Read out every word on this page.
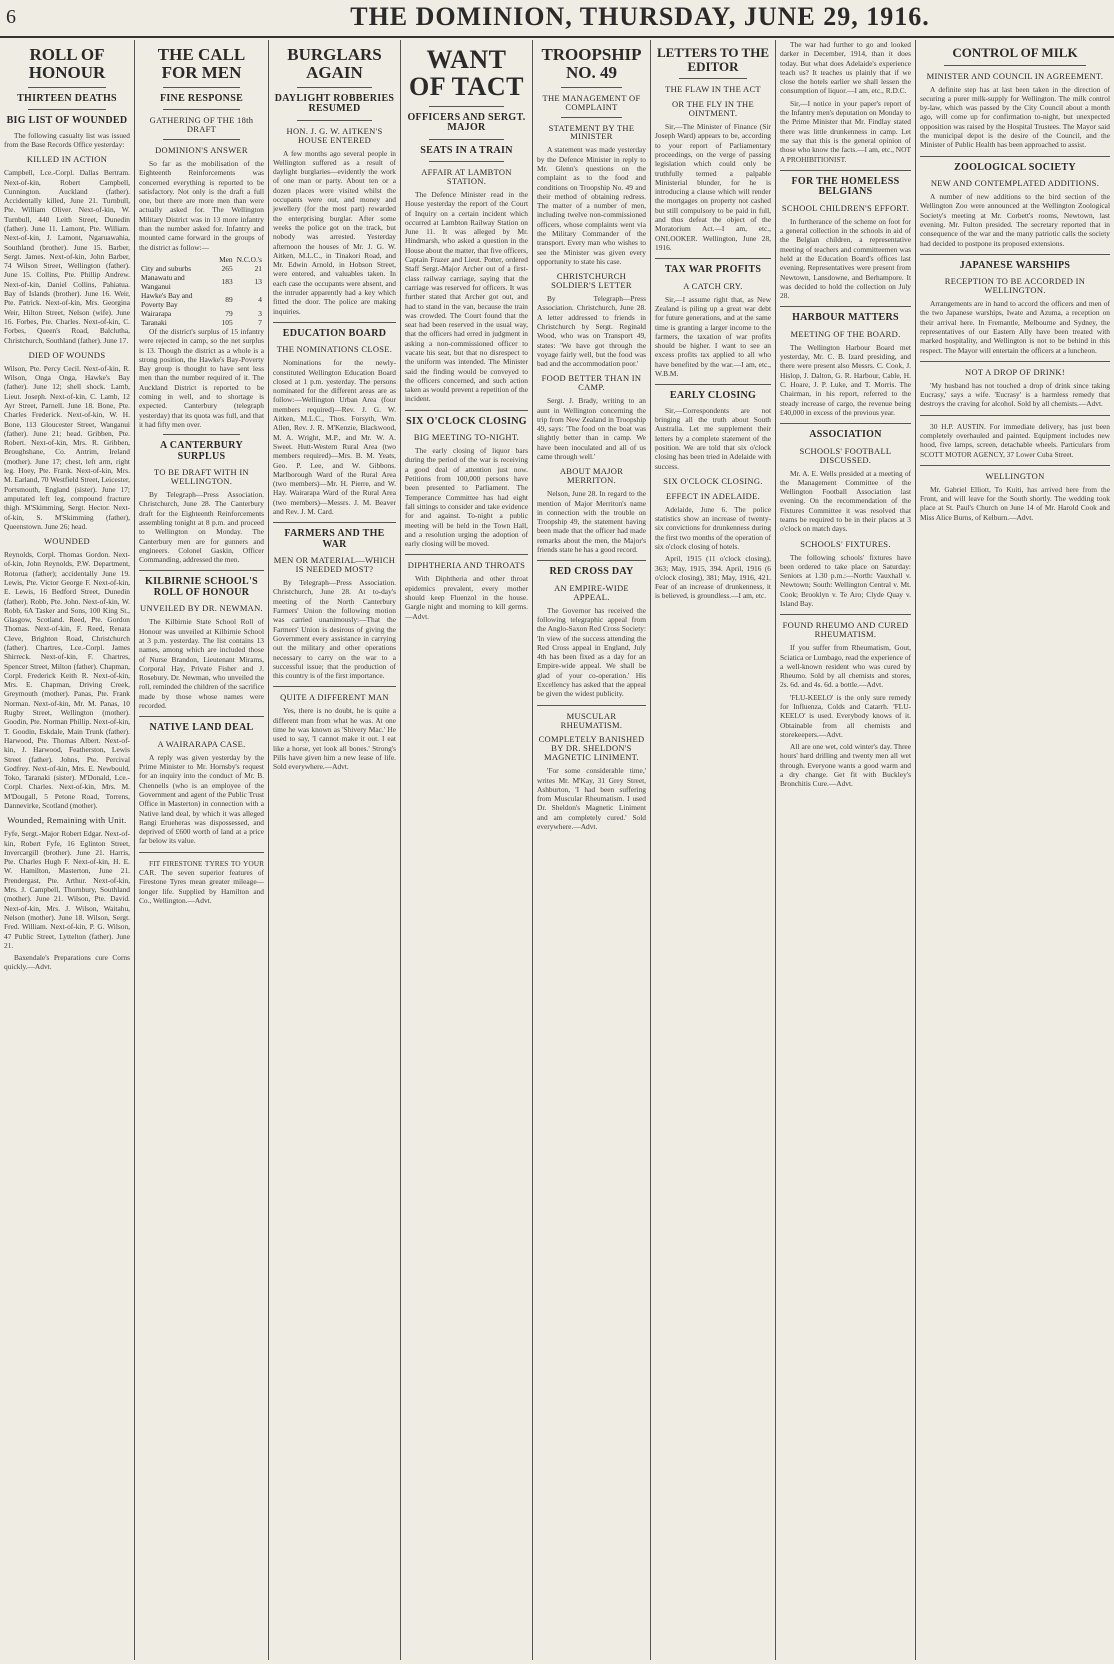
6	THE DOMINION, THURSDAY, JUNE 29, 1916.
ROLL OF HONOUR
THIRTEEN DEATHS
BIG LIST OF WOUNDED

The following casualty list was issued from the Base Records Office yesterday:

KILLED IN ACTION

Campbell, Lce.-Corpl. Dallas Bertram. Next-of-kin, Robert Campbell, Cunnington. Auckland (father). Accidentally killed, June 21. Turnbull, Pte. William Oliver. Next-of-kin, W. Turnbull, 440 Leith Street, Dunedin (father). June 11. Lamont, Pte. William. Next-of-kin, J. Lamont, Ngaruawahia, Southland (brother). June 15. Barber, Sergt. James. Next-of-kin, John Barber, 74 Wilson Street, Wellington (father). June 15. Collins, Pte. Phillip Andrew. Next-of-kin, Daniel Collins, Pahiatua. Bay of Islands (brother). June 16. Weir, Pte. Patrick. Next-of-kin, Mrs. Georgina Weir, Hilton Street, Nelson (wife). June 16. Forbes, Pte. Charles. Next-of-kin, C. Forbes, Queen's Road, Balclutha, Christchurch, Southland (father). June 17.

DIED OF WOUNDS

Wilson, Pte. Percy Cecil. Next-of-kin, R. Wilson, Onga Onga, Hawke's Bay (father). June 12; shell shock. Lamb, Lieut. Joseph. Next-of-kin, C. Lamb, 12 Ayr Street, Parnell. June 18. Bone, Pte. Charles Frederick. Next-of-kin, W. H. Bone, 113 Gloucester Street, Wanganui (father). June 21; head. Gribben, Pte. Robert. Next-of-kin, Mrs. R. Gribben, Broughshane, Co. Antrim, Ireland (mother). June 17; chest, left arm, right leg. Hoey, Pte. Frank. Next-of-kin, Mrs. M. Earland, 70 Westfield Street, Leicester, Portsmouth, England (sister). June 17; amputated left leg, compound fracture thigh. M'Skimming, Sergt. Hector. Next-of-kin, S. M'Skimming (father), Queenstown. June 26; head.

WOUNDED

Reynolds, Corpl. Thomas Gordon. Next-of-kin, John Reynolds, P.W. Department, Rotorua (father); accidentally June 19. Lewis, Pte. Victor George F. Next-of-kin, E. Lewis, 16 Bedford Street, Dunedin (father). Robb, Pte. John. Next-of-kin, W. Robb, 6A Tasker and Sons, 100 King St., Glasgow, Scotland. Reed, Pte. Gordon Thomas. Next-of-kin, F. Reed, Renata Cleve, Brighton Road, Christchurch (father). Chartres, Lce.-Corpl. James Shirreck. Next-of-kin, F. Chartres, Spencer Street, Milton (father). Chapman, Corpl. Frederick Keith R. Next-of-kin, Mrs. E. Chapman, Driving Creek, Greymouth (mother). Panas, Pte. Frank Norman. Next-of-kin, Mr. M. Panas, 10 Rugby Street, Wellington (mother). Goodin, Pte. Norman Phillip. Next-of-kin, T. Goodin, Eskdale, Main Trunk (father). Harwood, Pte. Thomas Albert. Next-of-kin, J. Harwood, Featherston, Lewis Street (father). Johns, Pte. Percival Godfrey. Next-of-kin, Mrs. E. Newbould, Toko, Taranaki (sister). M'Donald, Lce.-Corpl. Charles. Next-of-kin, Mrs. M. M'Dougall, 5 Petone Road, Torrens, Dannevirke, Scotland (mother).

Wounded, Remaining with Unit.

Fyfe, Sergt.-Major Robert Edgar. Next-of-kin, Robert Fyfe, 16 Eglinton Street, Invercargill (brother). June 21. Harris, Pte. Charles Hugh F. Next-of-kin, H. E. W. Hamilton, Masterton, June 21. Prendergast, Pte. Arthur. Next-of-kin, Mrs. J. Campbell, Thornbury, Southland (mother). June 21. Wilson, Pte. David. Next-of-kin, Mrs. J. Wilson, Waitahu, Nelson (mother). June 18. Wilson, Sergt. Fred. William. Next-of-kin, P. G. Wilson, 47 Public Street, Lyttelton (father). June 21.

Baxendale's Preparations cure Corns quickly.—Advt.

THE CALL FOR MEN
FINE RESPONSE
GATHERING OF THE 18th DRAFT
DOMINION'S ANSWER

So far as the mobilisation of the Eighteenth Reinforcements was concerned everything is reported to be satisfactory. Not only is the draft a full one, but there are more men than were actually asked for. The Wellington Military District was in 13 more infantry than the number asked for. Infantry and mounted came forward in the groups of the district as follow:—

	Men	N.C.O.'s
City and suburbs	265	21
Manawatu and Wanganui	183	13
Hawke's Bay and Poverty Bay	89	4
Wairarapa	79	3
Taranaki	105	7

Of the district's surplus of 15 infantry were rejected in camp, so the net surplus is 13. Though the district as a whole is a strong position, the Hawke's Bay-Poverty Bay group is thought to have sent less men than the number required of it. The Auckland District is reported to be coming in well, and to shortage is expected. Canterbury (telegraph yesterday) that its quota was full, and that it had fifty men over.

A CANTERBURY SURPLUS
TO BE DRAFT WITH IN WELLINGTON.

By Telegraph—Press Association. Christchurch, June 28. The Canterbury draft for the Eighteenth Reinforcements assembling tonight at 8 p.m. and proceed to Wellington on Monday. The Canterbury men are for gunners and engineers. Colonel Gaskin, Officer Commanding, addressed the men.

KILBIRNIE SCHOOL'S ROLL OF HONOUR
UNVEILED BY DR. NEWMAN.

The Kilbirnie State School Roll of Honour was unveiled at Kilbirnie School at 3 p.m. yesterday. The list contains 13 names, among which are included those of Nurse Brandon, Lieutenant Mirams, Corporal Hay, Private Fisher and J. Rosebury. Dr. Newman, who unveiled the roll, reminded the children of the sacrifice made by those whose names were recorded.

NATIVE LAND DEAL
A WAIRARAPA CASE.

A reply was given yesterday by the Prime Minister to Mr. Hornsby's request for an inquiry into the conduct of Mr. B. Chennells (who is an employee of the Government and agent of the Public Trust Office in Masterton) in connection with a Native land deal, by which it was alleged Rangi Erueheras was dispossessed, and deprived of £600 worth of land at a price far below its value.

FIT FIRESTONE TYRES TO YOUR CAR. The seven superior features of Firestone Tyres mean greater mileage—longer life. Supplied by Hamilton and Co., Wellington.—Advt.

BURGLARS AGAIN
DAYLIGHT ROBBERIES RESUMED
HON. J. G. W. AITKEN'S HOUSE ENTERED

A few months ago several people in Wellington suffered as a result of daylight burglaries—evidently the work of one man or party. About ten or a dozen places were visited whilst the occupants were out, and money and jewellery (for the most part) rewarded the enterprising burglar. After some weeks the police got on the track, but nobody was arrested. Yesterday afternoon the houses of Mr. J. G. W. Aitken, M.L.C., in Tinakori Road, and Mr. Edwin Arnold, in Hobson Street, were entered, and valuables taken. In each case the occupants were absent, and the intruder apparently had a key which fitted the door. The police are making inquiries.

EDUCATION BOARD
THE NOMINATIONS CLOSE.

Nominations for the newly-constituted Wellington Education Board closed at 1 p.m. yesterday. The persons nominated for the different areas are as follow:—Wellington Urban Area (four members required)—Rev. J. G. W. Aitken, M.L.C., Thos. Forsyth, Wm. Allen, Rev. J. R. M'Kenzie, Blackwood, M. A. Wright, M.P., and Mr. W. A. Sweet. Hutt-Western Rural Area (two members required)—Mrs. B. M. Yeats, Geo. P. Lee, and W. Gibbons. Marlborough Ward of the Rural Area (two members)—Mr. H. Pierre, and W. Hay. Wairarapa Ward of the Rural Area (two members)—Messrs. J. M. Beaver and Rev. J. M. Card.

FARMERS AND THE WAR
MEN OR MATERIAL—WHICH IS NEEDED MOST?

By Telegraph—Press Association. Christchurch, June 28. At to-day's meeting of the North Canterbury Farmers' Union the following motion was carried unanimously:—That the Farmers' Union is desirous of giving the Government every assistance in carrying out the military and other operations necessary to carry on the war to a successful issue; that the production of this country is of the first importance.

QUITE A DIFFERENT MAN

Yes, there is no doubt, he is quite a different man from what he was. At one time he was known as 'Shivery Mac.' He used to say, 'I cannot make it out. I eat like a horse, yet look all bones.' Strong's Pills have given him a new lease of life. Sold everywhere.—Advt.

WANT OF TACT
OFFICERS AND SERGT. MAJOR
SEATS IN A TRAIN
AFFAIR AT LAMBTON STATION.

The Defence Minister read in the House yesterday the report of the Court of Inquiry on a certain incident which occurred at Lambton Railway Station on June 11. It was alleged by Mr. Hindmarsh, who asked a question in the House about the matter, that five officers, Captain Frazer and Lieut. Potter, ordered Staff Sergt.-Major Archer out of a first-class railway carriage, saying that the carriage was reserved for officers. It was further stated that Archer got out, and had to stand in the van, because the train was crowded. The Court found that the seat had been reserved in the usual way, that the officers had erred in judgment in asking a non-commissioned officer to vacate his seat, but that no disrespect to the uniform was intended. The Minister said the finding would be conveyed to the officers concerned, and such action taken as would prevent a repetition of the incident.

SIX O'CLOCK CLOSING
BIG MEETING TO-NIGHT.

The early closing of liquor bars during the period of the war is receiving a good deal of attention just now. Petitions from 100,000 persons have been presented to Parliament. The Temperance Committee has had eight fall sittings to consider and take evidence for and against. To-night a public meeting will be held in the Town Hall, and a resolution urging the adoption of early closing will be moved.

DIPHTHERIA AND THROATS

With Diphtheria and other throat epidemics prevalent, every mother should keep Fluenzol in the house. Gargle night and morning to kill germs.—Advt.

TROOPSHIP NO. 49
THE MANAGEMENT OF COMPLAINT
STATEMENT BY THE MINISTER

A statement was made yesterday by the Defence Minister in reply to Mr. Glenn's questions on the complaint as to the food and conditions on Troopship No. 49 and their method of obtaining redress. The matter of a number of men, including twelve non-commissioned officers, whose complaints went via the Military Commander of the transport. Every man who wishes to see the Minister was given every opportunity to state his case.

CHRISTCHURCH SOLDIER'S LETTER

By Telegraph—Press Association. Christchurch, June 28. A letter addressed to friends in Christchurch by Sergt. Reginald Wood, who was on Transport 49, states: 'We have got through the voyage fairly well, but the food was bad and the accommodation poor.'

FOOD BETTER THAN IN CAMP.

Sergt. J. Brady, writing to an aunt in Wellington concerning the trip from New Zealand in Troopship 49, says: 'The food on the boat was slightly better than in camp. We have been inoculated and all of us came through well.'

ABOUT MAJOR MERRITON.

Nelson, June 28. In regard to the mention of Major Merriton's name in connection with the trouble on Troopship 49, the statement having been made that the officer had made remarks about the men, the Major's friends state he has a good record.

RED CROSS DAY
AN EMPIRE-WIDE APPEAL.

The Governor has received the following telegraphic appeal from the Anglo-Saxon Red Cross Society: 'In view of the success attending the Red Cross appeal in England, July 4th has been fixed as a day for an Empire-wide appeal. We shall be glad of your co-operation.' His Excellency has asked that the appeal be given the widest publicity.

MUSCULAR RHEUMATISM.
COMPLETELY BANISHED BY DR. SHELDON'S MAGNETIC LINIMENT.

'For some considerable time,' writes Mr. M'Kay, 31 Grey Street, Ashburton, 'I had been suffering from Muscular Rheumatism. I used Dr. Sheldon's Magnetic Liniment and am completely cured.' Sold everywhere.—Advt.

LETTERS TO THE EDITOR
THE FLAW IN THE ACT
OR THE FLY IN THE OINTMENT.

Sir,—The Minister of Finance (Sir Joseph Ward) appears to be, according to your report of Parliamentary proceedings, on the verge of passing legislation which could only be truthfully termed a palpable Ministerial blunder, for he is introducing a clause which will render the mortgages on property not cashed but still compulsory to be paid in full, and thus defeat the object of the Moratorium Act.—I am, etc., ONLOOKER. Wellington, June 28, 1916.

TAX WAR PROFITS
A CATCH CRY.

Sir,—I assume right that, as New Zealand is piling up a great war debt for future generations, and at the same time is granting a larger income to the farmers, the taxation of war profits should be higher. I want to see an excess profits tax applied to all who have benefited by the war.—I am, etc., W.B.M.

EARLY CLOSING

Sir,—Correspondents are not bringing all the truth about South Australia. Let me supplement their letters by a complete statement of the position. We are told that six o'clock closing has been tried in Adelaide with success.

SIX O'CLOCK CLOSING.
EFFECT IN ADELAIDE.

Adelaide, June 6. The police statistics show an increase of twenty-six convictions for drunkenness during the first two months of the operation of six o'clock closing of hotels.

April, 1915 (11 o'clock closing), 363; May, 1915, 394. April, 1916 (6 o'clock closing), 381; May, 1916, 421. Fear of an increase of drunkenness, it is believed, is groundless.—I am, etc.

The war had further to go and looked darker in December, 1914, than it does today. But what does Adelaide's experience teach us? It teaches us plainly that if we close the hotels earlier we shall lessen the consumption of liquor.—I am, etc., R.D.C.

Sir,—I notice in your paper's report of the Infantry men's deputation on Monday to the Prime Minister that Mr. Findlay stated there was little drunkenness in camp. Let me say that this is the general opinion of those who know the facts.—I am, etc., NOT A PROHIBITIONIST.

FOR THE HOMELESS BELGIANS
SCHOOL CHILDREN'S EFFORT.

In furtherance of the scheme on foot for a general collection in the schools in aid of the Belgian children, a representative meeting of teachers and committeemen was held at the Education Board's offices last evening. Representatives were present from Newtown, Lansdowne, and Berhampore. It was decided to hold the collection on July 28.

HARBOUR MATTERS
MEETING OF THE BOARD.

The Wellington Harbour Board met yesterday, Mr. C. B. Izard presiding, and there were present also Messrs. C. Cook, J. Hislop, J. Dalton, G. R. Harbour, Cable, H. C. Hoare, J. P. Luke, and T. Morris. The Chairman, in his report, referred to the steady increase of cargo, the revenue being £40,000 in excess of the previous year.

ASSOCIATION
SCHOOLS' FOOTBALL DISCUSSED.

Mr. A. E. Wells presided at a meeting of the Management Committee of the Wellington Football Association last evening. On the recommendation of the Fixtures Committee it was resolved that teams be required to be in their places at 3 o'clock on match days.

SCHOOLS' FIXTURES.

The following schools' fixtures have been ordered to take place on Saturday: Seniors at 1.30 p.m.:—North: Vauxhall v. Newtown; South: Wellington Central v. Mt. Cook; Brooklyn v. Te Aro; Clyde Quay v. Island Bay.

FOUND RHEUMO AND CURED RHEUMATISM.

If you suffer from Rheumatism, Gout, Sciatica or Lumbago, read the experience of a well-known resident who was cured by Rheumo. Sold by all chemists and stores, 2s. 6d. and 4s. 6d. a bottle.—Advt.

'FLU-KEELO' is the only sure remedy for Influenza, Colds and Catarrh. 'FLU-KEELO' is used. Everybody knows of it. Obtainable from all chemists and storekeepers.—Advt.

All are one wet, cold winter's day. Three hours' hard drilling and twenty men all wet through. Everyone wants a good warm and a dry change. Get fit with Buckley's Bronchitis Cure.—Advt.

CONTROL OF MILK
MINISTER AND COUNCIL IN AGREEMENT.

A definite step has at last been taken in the direction of securing a purer milk-supply for Wellington. The milk control by-law, which was passed by the City Council about a month ago, will come up for confirmation to-night, but unexpected opposition was raised by the Hospital Trustees. The Mayor said the municipal depot is the desire of the Council, and the Minister of Public Health has been approached to assist.

ZOOLOGICAL SOCIETY
NEW AND CONTEMPLATED ADDITIONS.

A number of new additions to the bird section of the Wellington Zoo were announced at the Wellington Zoological Society's meeting at Mr. Corbett's rooms, Newtown, last evening. Mr. Fulton presided. The secretary reported that in consequence of the war and the many patriotic calls the society had decided to postpone its proposed extensions.

JAPANESE WARSHIPS
RECEPTION TO BE ACCORDED IN WELLINGTON.

Arrangements are in hand to accord the officers and men of the two Japanese warships, Iwate and Azuma, a reception on their arrival here. In Fremantle, Melbourne and Sydney, the representatives of our Eastern Ally have been treated with marked hospitality, and Wellington is not to be behind in this respect. The Mayor will entertain the officers at a luncheon.

NOT A DROP OF DRINK!

'My husband has not touched a drop of drink since taking Eucrasy,' says a wife. 'Eucrasy' is a harmless remedy that destroys the craving for alcohol. Sold by all chemists.—Advt.

30 H.P. AUSTIN. For immediate delivery, has just been completely overhauled and painted. Equipment includes new hood, five lamps, screen, detachable wheels. Particulars from SCOTT MOTOR AGENCY, 37 Lower Cuba Street.

WELLINGTON

Mr. Gabriel Elliott, To Kuiti, has arrived here from the Front, and will leave for the South shortly. The wedding took place at St. Paul's Church on June 14 of Mr. Harold Cook and Miss Alice Burns, of Kelburn.—Advt.
